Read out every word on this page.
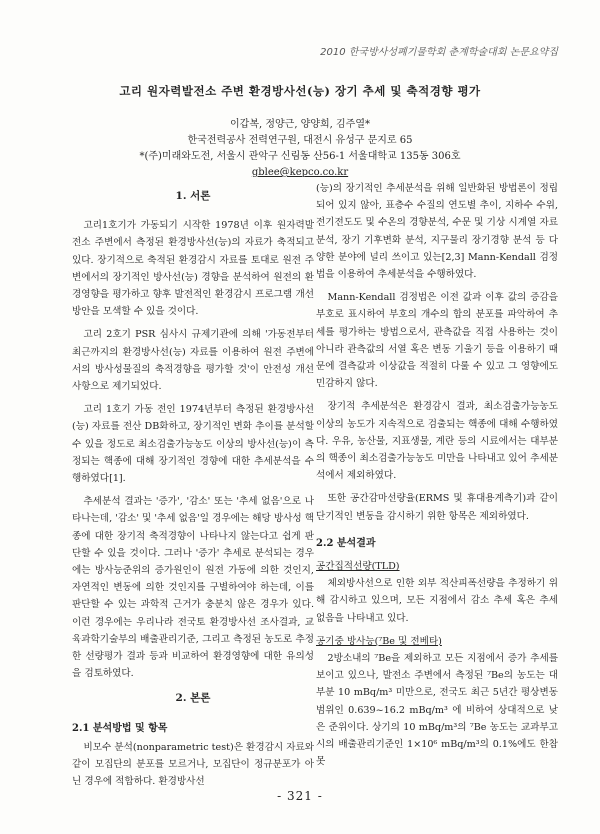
2010 한국방사성폐기물학회 춘계학술대회 논문요약집
고리 원자력발전소 주변 환경방사선(능) 장기 추세 및 축적경향 평가
이갑복, 정양근, 양양희, 김주열*
한국전력공사 전력연구원, 대전시 유성구 문지로 65
*(주)미래와도전, 서울시 관악구 신림동 산56-1 서울대학교 135동 306호
gblee@kepco.co.kr
1. 서론

고리1호기가 가동되기 시작한 1978년 이후 원자력발전소 주변에서 측정된 환경방사선(능)의 자료가 축적되고 있다. 장기적으로 축적된 환경감시 자료를 토대로 원전 주변에서의 장기적인 방사선(능) 경향을 분석하여 원전의 환경영향을 평가하고 향후 발전적인 환경감시 프로그램 개선방안을 모색할 수 있을 것이다.

고리 2호기 PSR 심사시 규제기관에 의해 '가동전부터 최근까지의 환경방사선(능) 자료를 이용하여 원전 주변에서의 방사성물질의 축적경향을 평가할 것'이 안전성 개선사항으로 제기되었다.

고리 1호기 가동 전인 1974년부터 측정된 환경방사선(능) 자료를 전산 DB화하고, 장기적인 변화 추이를 분석할 수 있을 정도로 최소검출가능농도 이상의 방사선(능)이 측정되는 핵종에 대해 장기적인 경향에 대한 추세분석을 수행하였다[1].

추세분석 결과는 '증가', '감소' 또는 '추세 없음'으로 나타나는데, '감소' 및 '추세 없음'일 경우에는 해당 방사성 핵종에 대한 장기적 축적경향이 나타나지 않는다고 쉽게 판단할 수 있을 것이다. 그러나 '증가' 추세로 분석되는 경우에는 방사능준위의 증가원인이 원전 가동에 의한 것인지, 자연적인 변동에 의한 것인지를 구별하여야 하는데, 이를 판단할 수 있는 과학적 근거가 충분치 않은 경우가 있다. 이런 경우에는 우리나라 전국토 환경방사선 조사결과, 교육과학기술부의 배출관리기준, 그리고 측정된 농도로 추정한 선량평가 결과 등과 비교하여 환경영향에 대한 유의성을 검토하였다.

2. 본론
2.1 분석방법 및 항목

비모수 분석(nonparametric test)은 환경감시 자료와 같이 모집단의 분포를 모르거나, 모집단이 정규분포가 아닌 경우에 적합하다. 환경방사선

(능)의 장기적인 추세분석을 위해 일반화된 방법론이 정립되어 있지 않아, 표층수 수질의 연도별 추이, 지하수 수위, 전기전도도 및 수온의 경향분석, 수문 및 기상 시계열 자료 분석, 장기 기후변화 분석, 지구물리 장기경향 분석 등 다양한 분야에 널리 쓰이고 있는[2,3] Mann-Kendall 검정법을 이용하여 추세분석을 수행하였다.

Mann-Kendall 검정법은 이전 값과 이후 값의 증감을 부호로 표시하여 부호의 개수의 합의 분포를 파악하여 추세를 평가하는 방법으로서, 관측값을 직접 사용하는 것이 아니라 관측값의 서열 혹은 변동 기울기 등을 이용하기 때문에 결측값과 이상값을 적절히 다룰 수 있고 그 영향에도 민감하지 않다.

장기적 추세분석은 환경감시 결과, 최소검출가능농도 이상의 농도가 지속적으로 검출되는 핵종에 대해 수행하였다. 우유, 농산물, 지표생물, 계란 등의 시료에서는 대부분의 핵종이 최소검출가능농도 미만을 나타내고 있어 추세분석에서 제외하였다.

또한 공간감마선량율(ERMS 및 휴대용계측기)과 같이 단기적인 변동을 감시하기 위한 항목은 제외하였다.

2.2 분석결과
공간집적선량(TLD)

체외방사선으로 인한 외부 적산피폭선량을 추정하기 위해 감시하고 있으며, 모든 지점에서 감소 추세 혹은 추세 없음을 나타내고 있다.

공기중 방사능(⁷Be 및 전베타)

2방소내의 ⁷Be을 제외하고 모든 지점에서 증가 추세를 보이고 있으나, 발전소 주변에서 측정된 ⁷Be의 농도는 대부분 10 mBq/m³ 미만으로, 전국도 최근 5년간 평상변동 범위인 0.639~16.2 mBq/m³ 에 비하여 상대적으로 낮은 준위이다. 상기의 10 mBq/m³의 ⁷Be 농도는 교과부고시의 배출관리기준인 1×10⁶ mBq/m³의 0.1%에도 한참 못

- 321 -
